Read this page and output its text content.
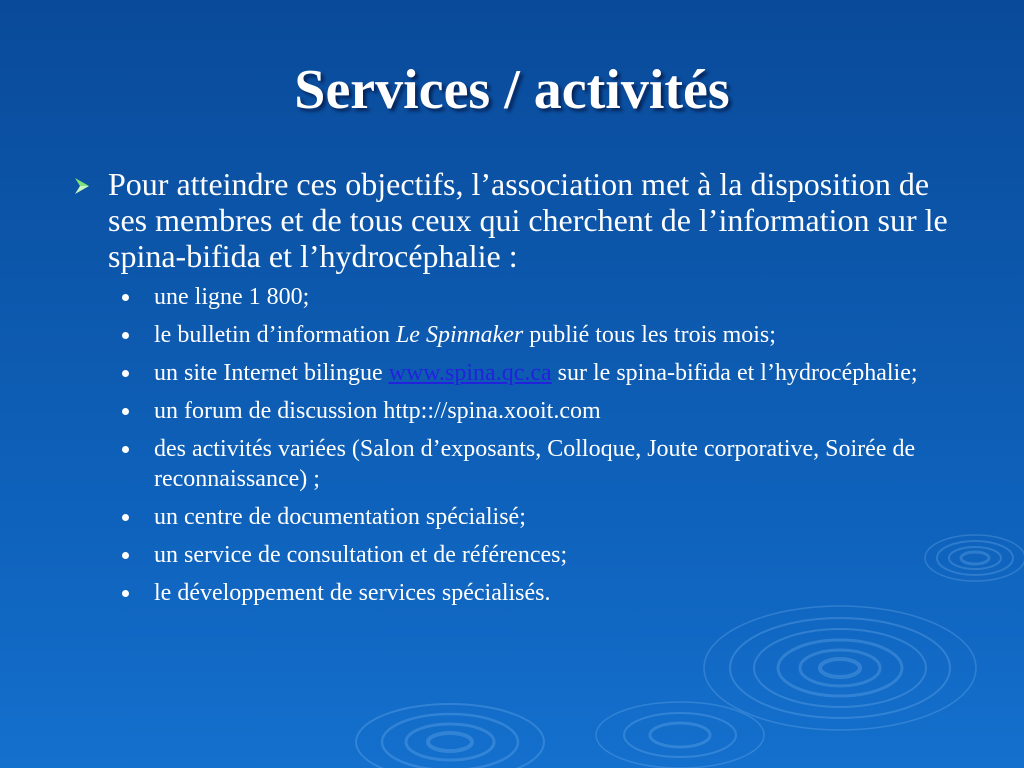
Services / activités
Pour atteindre ces objectifs, l’association met à la disposition de ses membres et de tous ceux qui cherchent de l’information sur le spina-bifida et l’hydrocéphalie :
une ligne 1 800;
le bulletin d’information Le Spinnaker publié tous les trois mois;
un site Internet bilingue www.spina.qc.ca sur le spina-bifida et l’hydrocéphalie;
un forum de discussion http:://spina.xooit.com
des activités variées (Salon d’exposants, Colloque, Joute corporative, Soirée de reconnaissance) ;
un centre de documentation spécialisé;
un service de consultation et de références;
le développement de services spécialisés.
